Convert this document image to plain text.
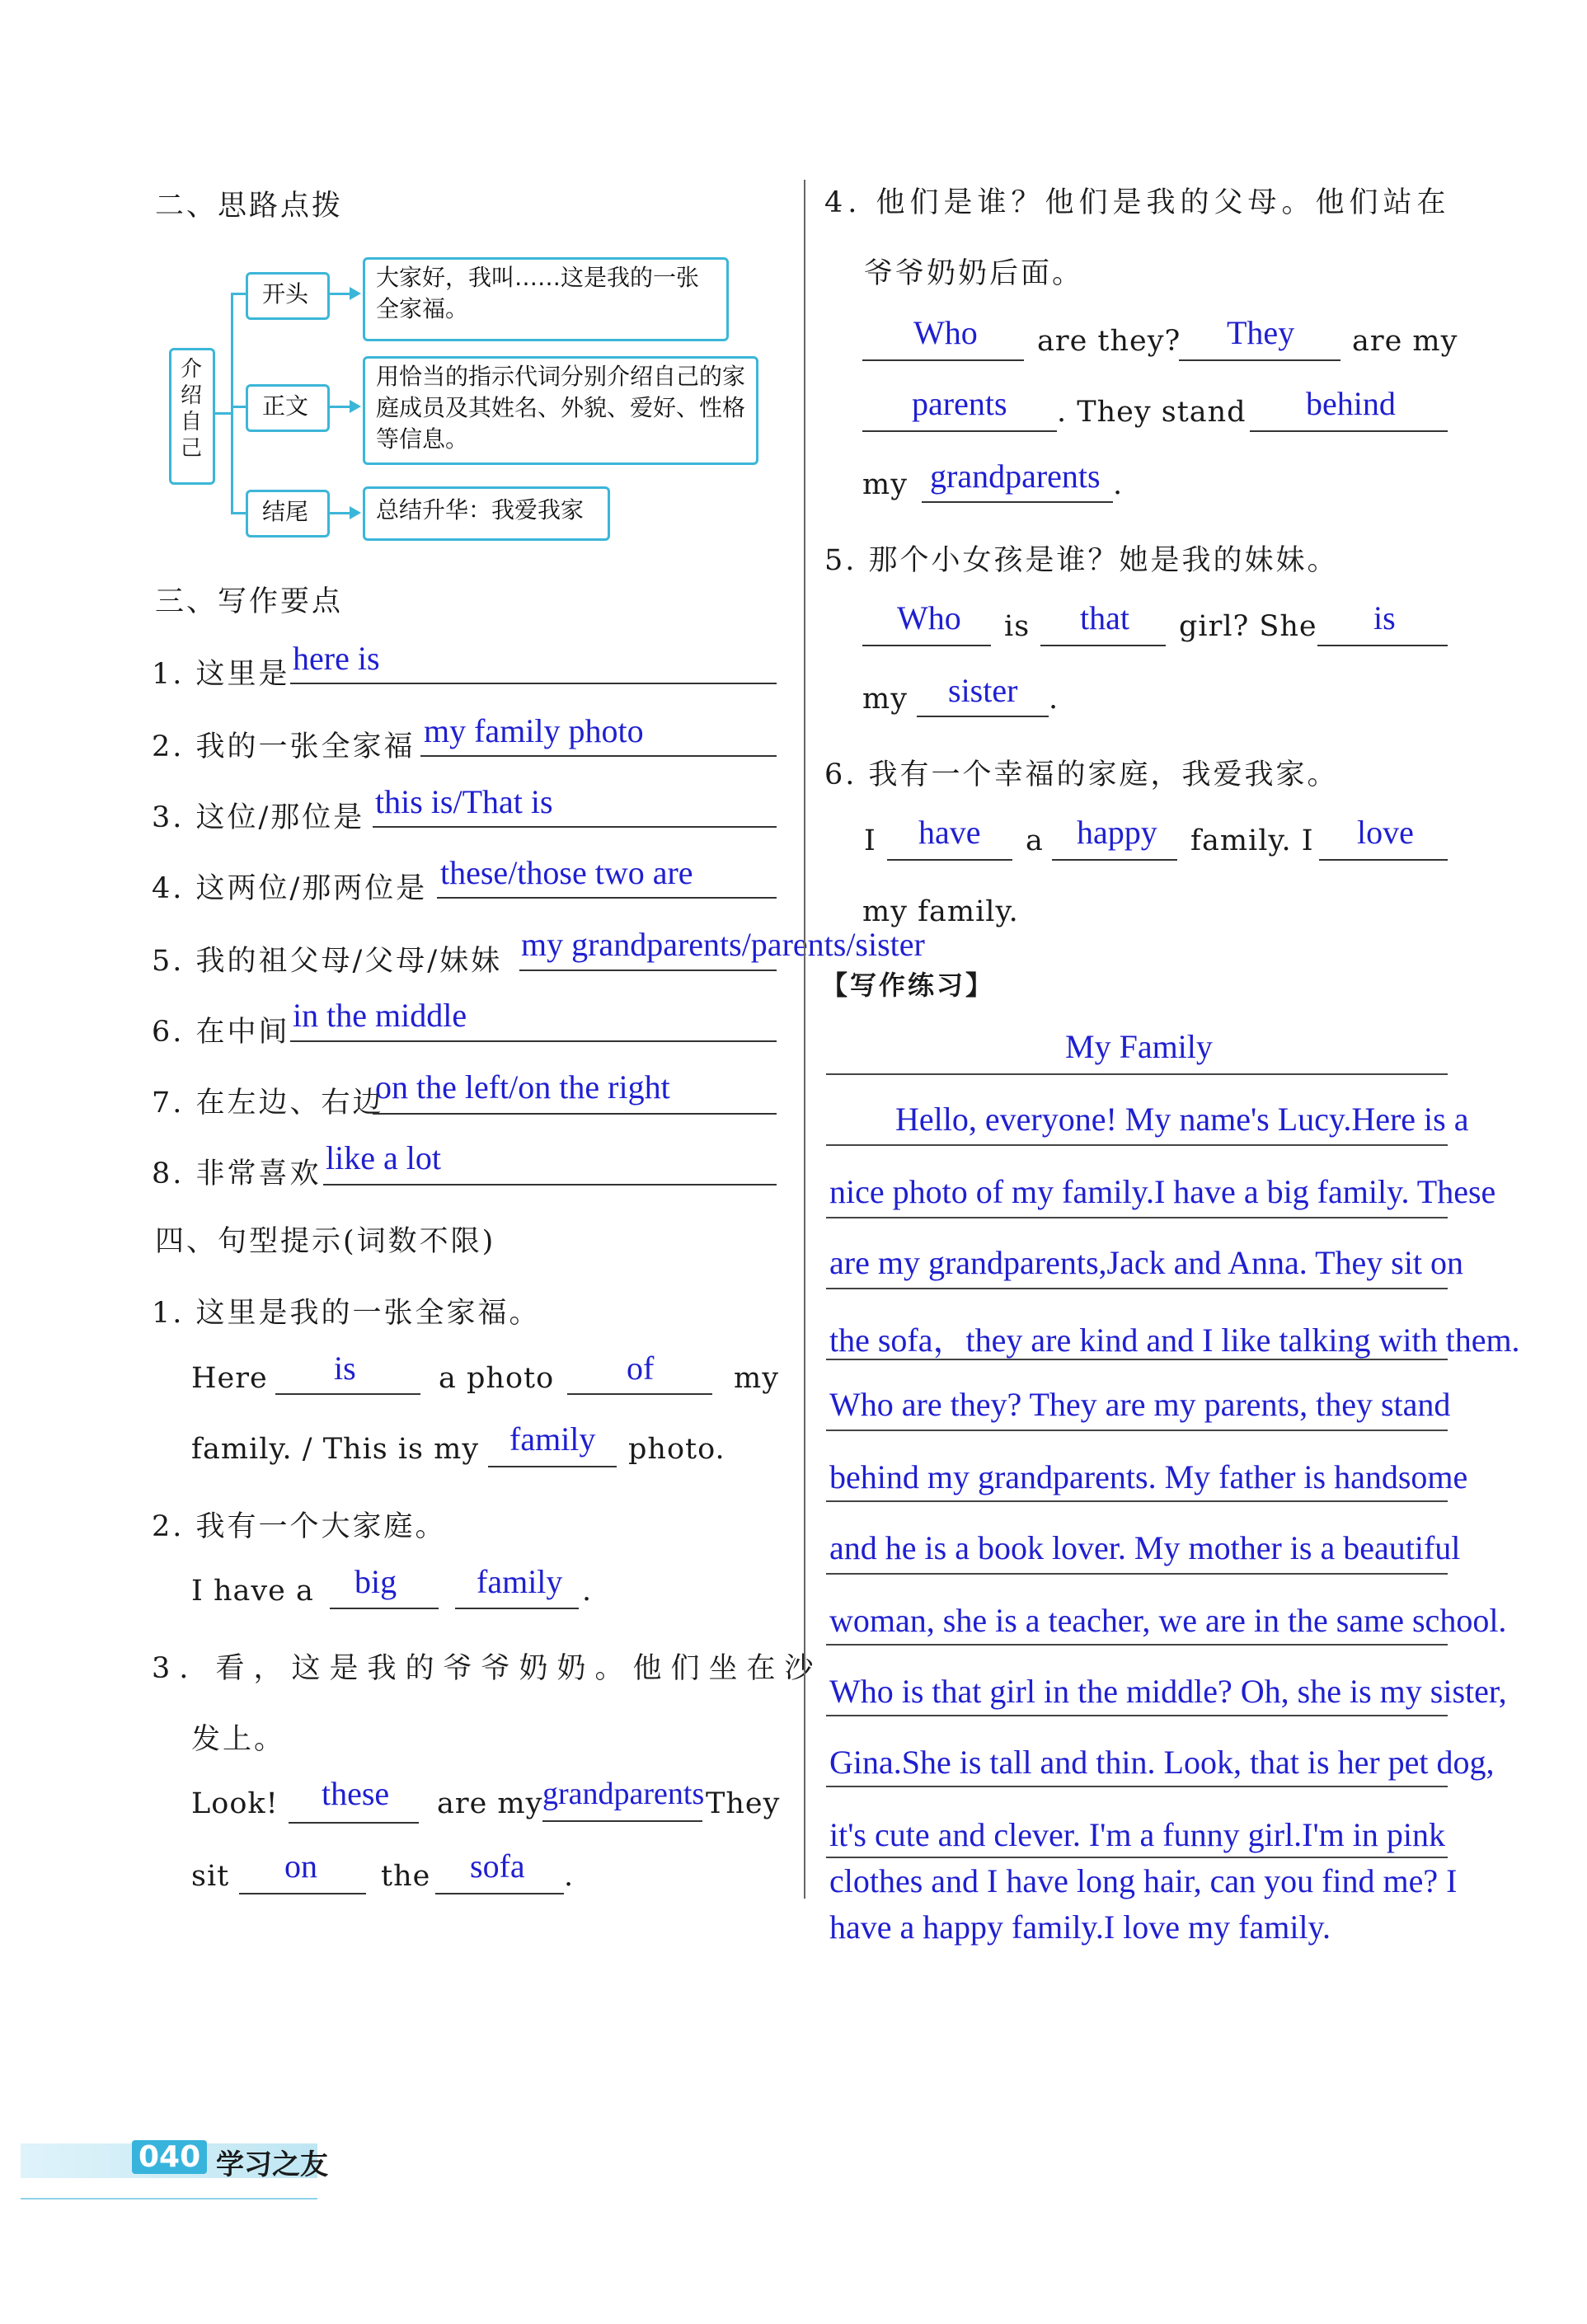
二、思路点拨
介绍自己
开头
大家好，我叫……这是我的一张全家福。
正文
用恰当的指示代词分别介绍自己的家庭成员及其姓名、外貌、爱好、性格等信息。
结尾	总结升华：我爱我家
三、写作要点
1. 这里是 here is
2. 我的一张全家福 my family photo
3. 这位/那位是 this is/That is
4. 这两位/那两位是 these/those two are
5. 我的祖父母/父母/妹妹 my grandparents/parents/sister
6. 在中间 in the middle
7. 在左边、右边
on the left/on the right
8. 非常喜欢 like a lot
四、句型提示(词数不限)
1. 这里是我的一张全家福。
Here is	a photo of	my
family. / This is my family photo.
2. 我有一个大家庭。
I have a big family .
3. 看，这是我的爷爷奶奶。他们坐在沙
发上。
Look! these are my grandparents They
sit on the sofa .
4. 他们是谁？他们是我的父母。他们站在
爷爷奶奶后面。
Who are they? They are my
parents . They stand behind
my grandparents .
5. 那个小女孩是谁？她是我的妹妹。
Who is that girl? She is
my sister .
6. 我有一个幸福的家庭，我爱我家。
I have a happy family. I love
my family.
【写作练习】
My Family
Hello, everyone! My name's Lucy.Here is a
nice photo of my family.I have a big family. These
are my grandparents,Jack and Anna. They sit on
the sofa，they are kind and I like talking with them.
Who are they? They are my parents, they stand
behind my grandparents. My father is handsome
and he is a book lover. My mother is a beautiful
woman, she is a teacher, we are in the same school.
Who is that girl in the middle? Oh, she is my sister,
Gina.She is tall and thin. Look, that is her pet dog,
it's cute and clever. I'm a funny girl.I'm in pink
clothes and I have long hair, can you find me? I
have a happy family.I love my family.
040 学习之友
